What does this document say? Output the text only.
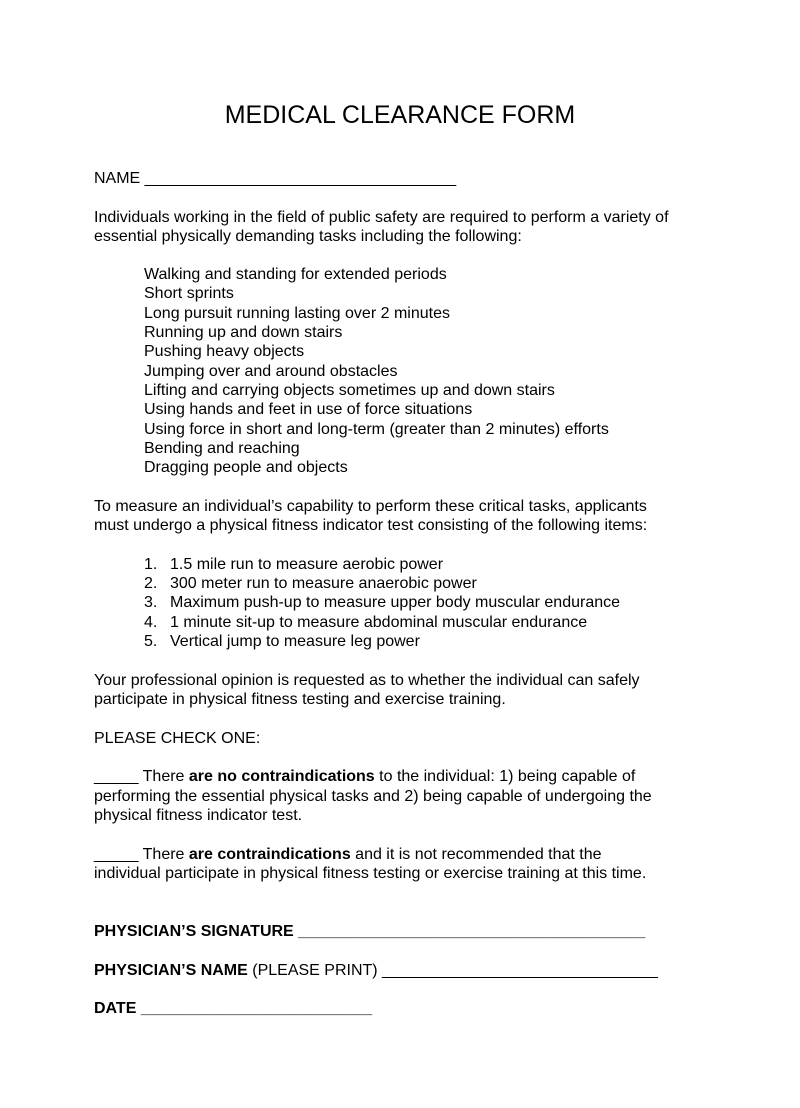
MEDICAL CLEARANCE FORM
NAME ___________________________________
Individuals working in the field of public safety are required to perform a variety of
essential physically demanding tasks including the following:
Walking and standing for extended periods
Short sprints
Long pursuit running lasting over 2 minutes
Running up and down stairs
Pushing heavy objects
Jumping over and around obstacles
Lifting and carrying objects sometimes up and down stairs
Using hands and feet in use of force situations
Using force in short and long-term (greater than 2 minutes) efforts
Bending and reaching
Dragging people and objects
To measure an individual’s capability to perform these critical tasks, applicants
must undergo a physical fitness indicator test consisting of the following items:
1. 1.5 mile run to measure aerobic power
2. 300 meter run to measure anaerobic power
3. Maximum push-up to measure upper body muscular endurance
4. 1 minute sit-up to measure abdominal muscular endurance
5. Vertical jump to measure leg power
Your professional opinion is requested as to whether the individual can safely
participate in physical fitness testing and exercise training.
PLEASE CHECK ONE:
_____ There are no contraindications to the individual: 1) being capable of
performing the essential physical tasks and 2) being capable of undergoing the
physical fitness indicator test.
_____ There are contraindications and it is not recommended that the
individual participate in physical fitness testing or exercise training at this time.
PHYSICIAN’S SIGNATURE _______________________________________
PHYSICIAN’S NAME (PLEASE PRINT) _______________________________
DATE __________________________
